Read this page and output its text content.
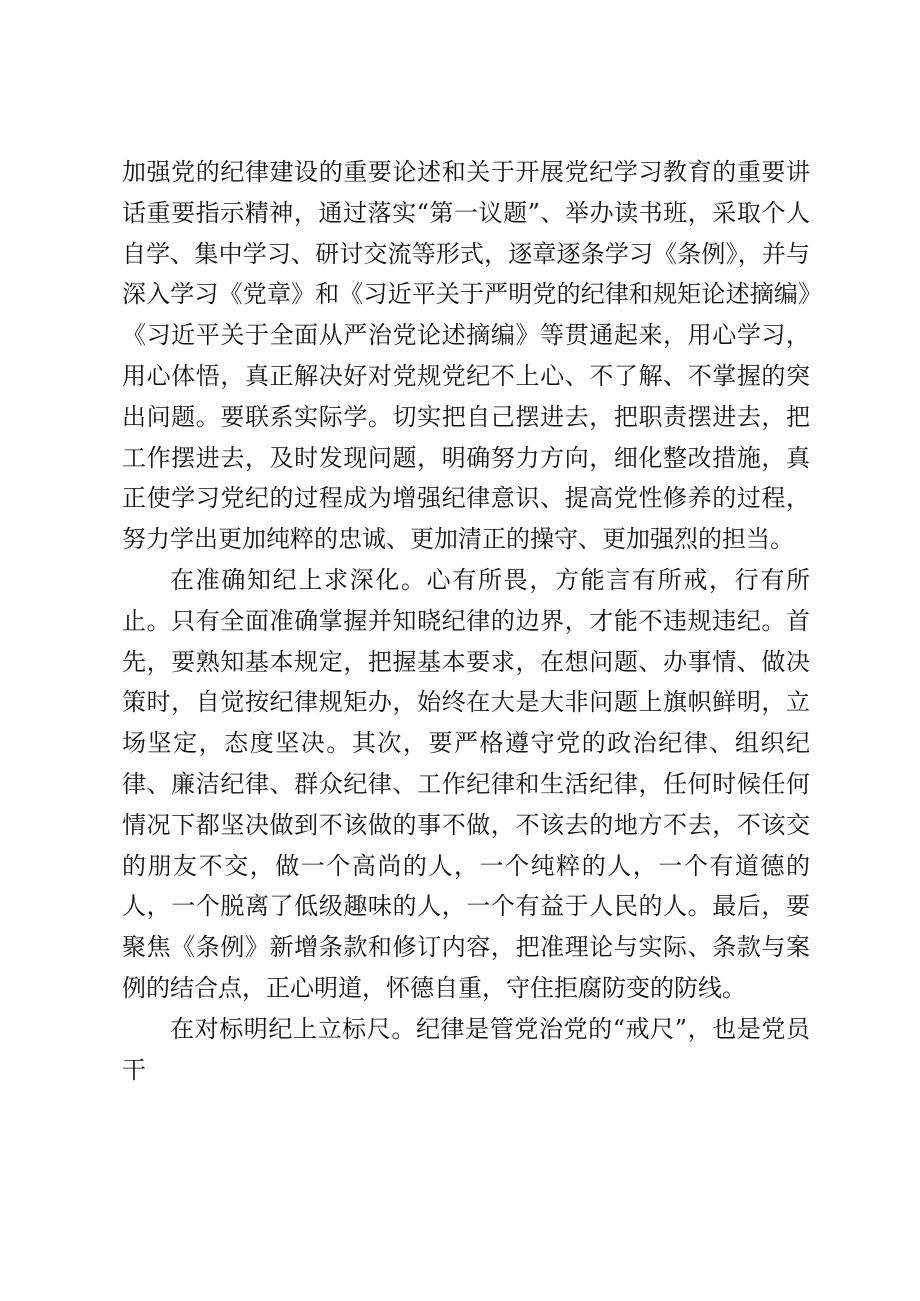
加强党的纪律建设的重要论述和关于开展党纪学习教育的重要讲话重要指示精神，通过落实“第一议题”、举办读书班，采取个人自学、集中学习、研讨交流等形式，逐章逐条学习《条例》，并与深入学习《党章》和《习近平关于严明党的纪律和规矩论述摘编》《习近平关于全面从严治党论述摘编》等贯通起来，用心学习，用心体悟，真正解决好对党规党纪不上心、不了解、不掌握的突出问题。要联系实际学。切实把自己摆进去，把职责摆进去，把工作摆进去，及时发现问题，明确努力方向，细化整改措施，真正使学习党纪的过程成为增强纪律意识、提高党性修养的过程，努力学出更加纯粹的忠诚、更加清正的操守、更加强烈的担当。

在准确知纪上求深化。心有所畏，方能言有所戒，行有所止。只有全面准确掌握并知晓纪律的边界，才能不违规违纪。首先，要熟知基本规定，把握基本要求，在想问题、办事情、做决策时，自觉按纪律规矩办，始终在大是大非问题上旗帜鲜明，立场坚定，态度坚决。其次，要严格遵守党的政治纪律、组织纪律、廉洁纪律、群众纪律、工作纪律和生活纪律，任何时候任何情况下都坚决做到不该做的事不做，不该去的地方不去，不该交的朋友不交，做一个高尚的人，一个纯粹的人，一个有道德的人，一个脱离了低级趣味的人，一个有益于人民的人。最后，要聚焦《条例》新增条款和修订内容，把准理论与实际、条款与案例的结合点，正心明道，怀德自重，守住拒腐防变的防线。

在对标明纪上立标尺。纪律是管党治党的“戒尺”，也是党员干
